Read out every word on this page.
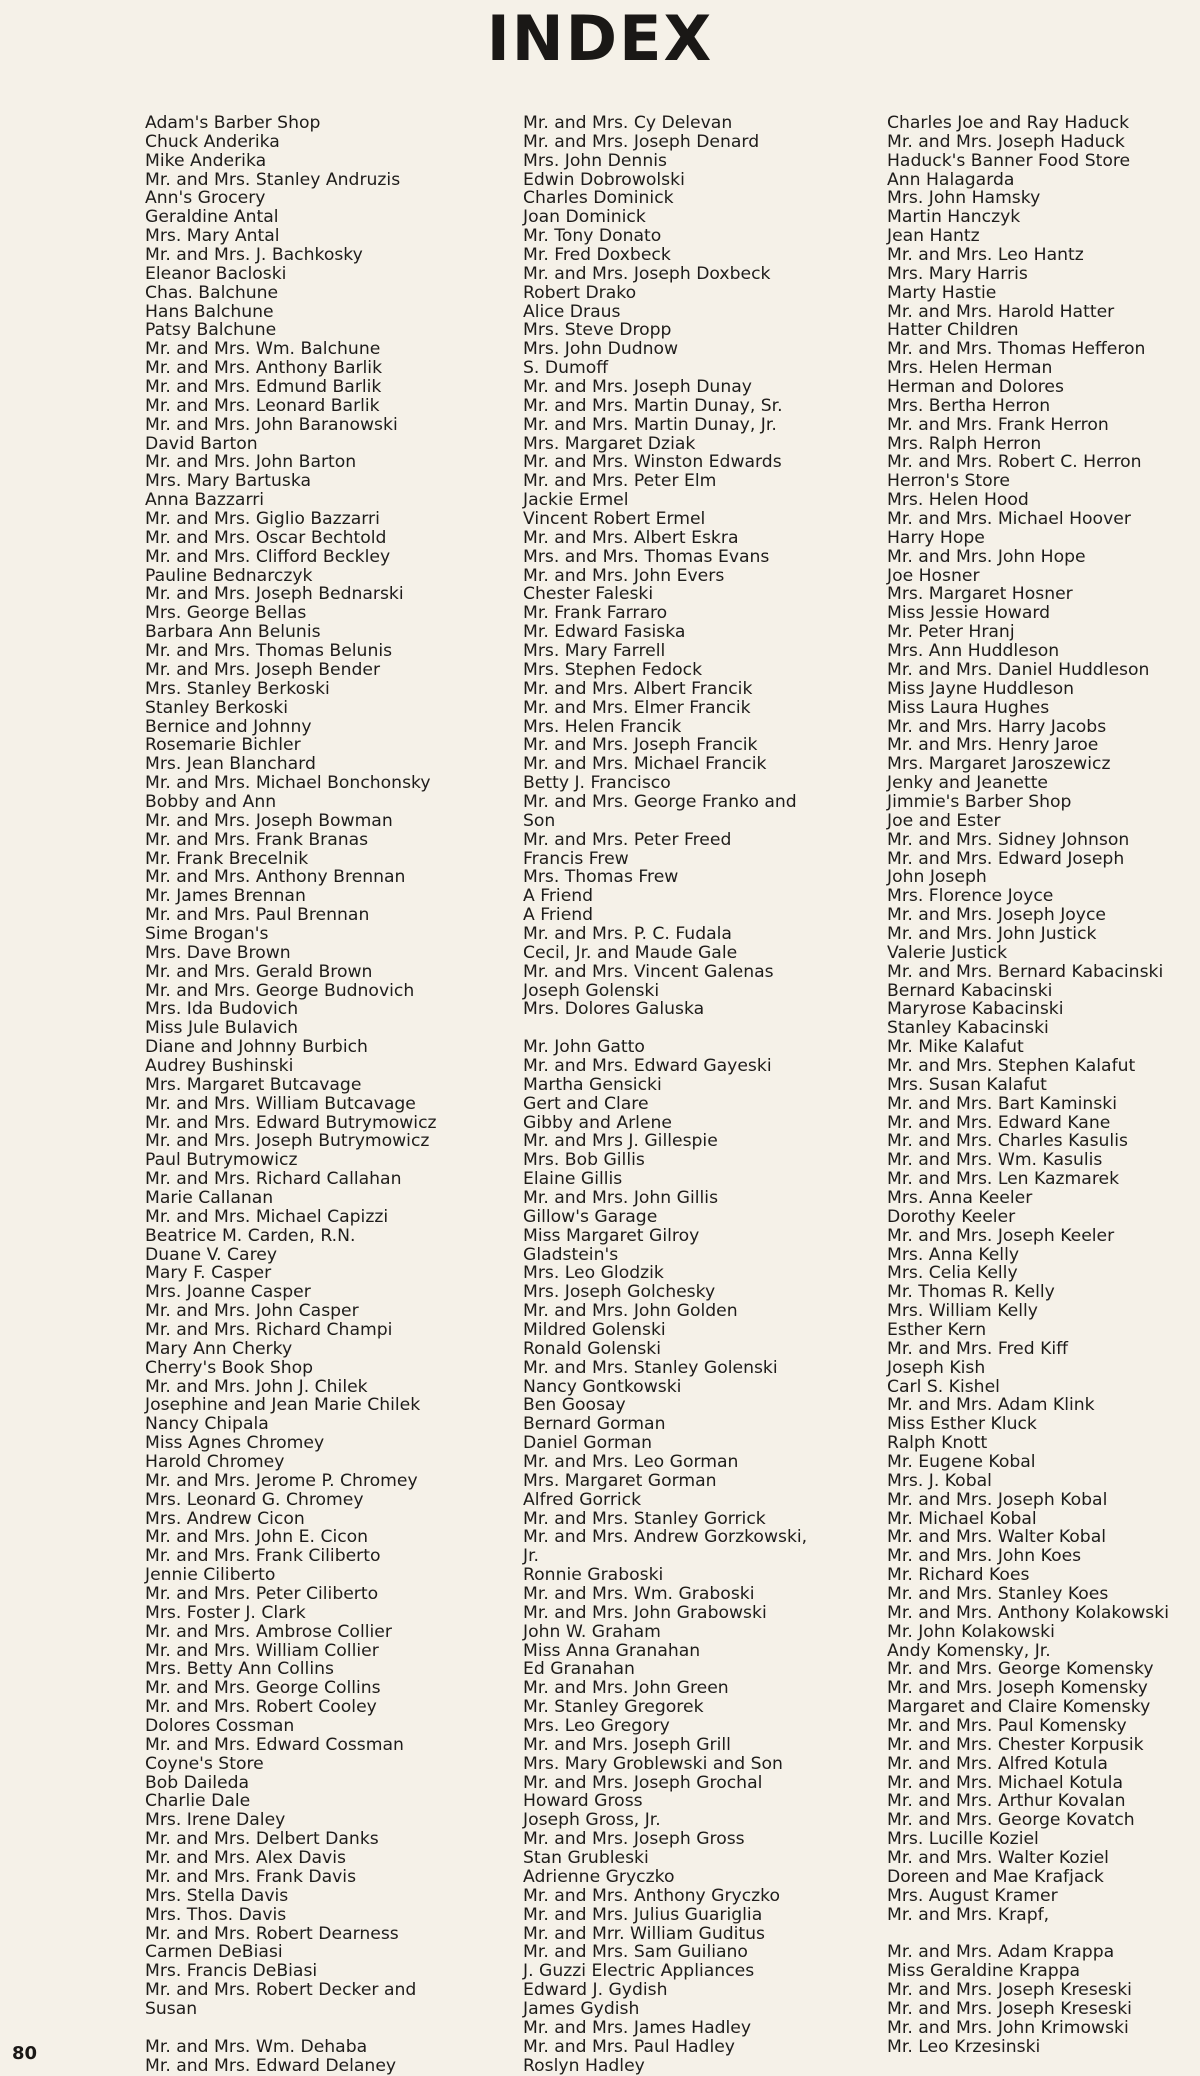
INDEX
Adam's Barber Shop
Chuck Anderika
Mike Anderika
Mr. and Mrs. Stanley Andruzis
Ann's Grocery
Geraldine Antal
Mrs. Mary Antal
Mr. and Mrs. J. Bachkosky
Eleanor Bacloski
Chas. Balchune
Hans Balchune
Patsy Balchune
Mr. and Mrs. Wm. Balchune
Mr. and Mrs. Anthony Barlik
Mr. and Mrs. Edmund Barlik
Mr. and Mrs. Leonard Barlik
Mr. and Mrs. John Baranowski
David Barton
Mr. and Mrs. John Barton
Mrs. Mary Bartuska
Anna Bazzarri
Mr. and Mrs. Giglio Bazzarri
Mr. and Mrs. Oscar Bechtold
Mr. and Mrs. Clifford Beckley
Pauline Bednarczyk
Mr. and Mrs. Joseph Bednarski
Mrs. George Bellas
Barbara Ann Belunis
Mr. and Mrs. Thomas Belunis
Mr. and Mrs. Joseph Bender
Mrs. Stanley Berkoski
Stanley Berkoski
Bernice and Johnny
Rosemarie Bichler
Mrs. Jean Blanchard
Mr. and Mrs. Michael Bonchonsky
Bobby and Ann
Mr. and Mrs. Joseph Bowman
Mr. and Mrs. Frank Branas
Mr. Frank Brecelnik
Mr. and Mrs. Anthony Brennan
Mr. James Brennan
Mr. and Mrs. Paul Brennan
Sime Brogan's
Mrs. Dave Brown
Mr. and Mrs. Gerald Brown
Mr. and Mrs. George Budnovich
Mrs. Ida Budovich
Miss Jule Bulavich
Diane and Johnny Burbich
Audrey Bushinski
Mrs. Margaret Butcavage
Mr. and Mrs. William Butcavage
Mr. and Mrs. Edward Butrymowicz
Mr. and Mrs. Joseph Butrymowicz
Paul Butrymowicz
Mr. and Mrs. Richard Callahan
Marie Callanan
Mr. and Mrs. Michael Capizzi
Beatrice M. Carden, R.N.
Duane V. Carey
Mary F. Casper
Mrs. Joanne Casper
Mr. and Mrs. John Casper
Mr. and Mrs. Richard Champi
Mary Ann Cherky
Cherry's Book Shop
Mr. and Mrs. John J. Chilek
Josephine and Jean Marie Chilek
Nancy Chipala
Miss Agnes Chromey
Harold Chromey
Mr. and Mrs. Jerome P. Chromey
Mrs. Leonard G. Chromey
Mrs. Andrew Cicon
Mr. and Mrs. John E. Cicon
Mr. and Mrs. Frank Ciliberto
Jennie Ciliberto
Mr. and Mrs. Peter Ciliberto
Mrs. Foster J. Clark
Mr. and Mrs. Ambrose Collier
Mr. and Mrs. William Collier
Mrs. Betty Ann Collins
Mr. and Mrs. George Collins
Mr. and Mrs. Robert Cooley
Dolores Cossman
Mr. and Mrs. Edward Cossman
Coyne's Store
Bob Daileda
Charlie Dale
Mrs. Irene Daley
Mr. and Mrs. Delbert Danks
Mr. and Mrs. Alex Davis
Mr. and Mrs. Frank Davis
Mrs. Stella Davis
Mrs. Thos. Davis
Mr. and Mrs. Robert Dearness
Carmen DeBiasi
Mrs. Francis DeBiasi
Mr. and Mrs. Robert Decker and
Susan

Mr. and Mrs. Wm. Dehaba
Mr. and Mrs. Edward Delaney
Mr. and Mrs. Cy Delevan
Mr. and Mrs. Joseph Denard
Mrs. John Dennis
Edwin Dobrowolski
Charles Dominick
Joan Dominick
Mr. Tony Donato
Mr. Fred Doxbeck
Mr. and Mrs. Joseph Doxbeck
Robert Drako
Alice Draus
Mrs. Steve Dropp
Mrs. John Dudnow
S. Dumoff
Mr. and Mrs. Joseph Dunay
Mr. and Mrs. Martin Dunay, Sr.
Mr. and Mrs. Martin Dunay, Jr.
Mrs. Margaret Dziak
Mr. and Mrs. Winston Edwards
Mr. and Mrs. Peter Elm
Jackie Ermel
Vincent Robert Ermel
Mr. and Mrs. Albert Eskra
Mrs. and Mrs. Thomas Evans
Mr. and Mrs. John Evers
Chester Faleski
Mr. Frank Farraro
Mr. Edward Fasiska
Mrs. Mary Farrell
Mrs. Stephen Fedock
Mr. and Mrs. Albert Francik
Mr. and Mrs. Elmer Francik
Mrs. Helen Francik
Mr. and Mrs. Joseph Francik
Mr. and Mrs. Michael Francik
Betty J. Francisco
Mr. and Mrs. George Franko and
Son
Mr. and Mrs. Peter Freed
Francis Frew
Mrs. Thomas Frew
A Friend
A Friend
Mr. and Mrs. P. C. Fudala
Cecil, Jr. and Maude Gale
Mr. and Mrs. Vincent Galenas
Joseph Golenski
Mrs. Dolores Galuska

Mr. John Gatto
Mr. and Mrs. Edward Gayeski
Martha Gensicki
Gert and Clare
Gibby and Arlene
Mr. and Mrs J. Gillespie
Mrs. Bob Gillis
Elaine Gillis
Mr. and Mrs. John Gillis
Gillow's Garage
Miss Margaret Gilroy
Gladstein's
Mrs. Leo Glodzik
Mrs. Joseph Golchesky
Mr. and Mrs. John Golden
Mildred Golenski
Ronald Golenski
Mr. and Mrs. Stanley Golenski
Nancy Gontkowski
Ben Goosay
Bernard Gorman
Daniel Gorman
Mr. and Mrs. Leo Gorman
Mrs. Margaret Gorman
Alfred Gorrick
Mr. and Mrs. Stanley Gorrick
Mr. and Mrs. Andrew Gorzkowski,
Jr.
Ronnie Graboski
Mr. and Mrs. Wm. Graboski
Mr. and Mrs. John Grabowski
John W. Graham
Miss Anna Granahan
Ed Granahan
Mr. and Mrs. John Green
Mr. Stanley Gregorek
Mrs. Leo Gregory
Mr. and Mrs. Joseph Grill
Mrs. Mary Groblewski and Son
Mr. and Mrs. Joseph Grochal
Howard Gross
Joseph Gross, Jr.
Mr. and Mrs. Joseph Gross
Stan Grubleski
Adrienne Gryczko
Mr. and Mrs. Anthony Gryczko
Mr. and Mrs. Julius Guariglia
Mr. and Mrr. William Guditus
Mr. and Mrs. Sam Guiliano
J. Guzzi Electric Appliances
Edward J. Gydish
James Gydish
Mr. and Mrs. James Hadley
Mr. and Mrs. Paul Hadley
Roslyn Hadley
Charles Joe and Ray Haduck
Mr. and Mrs. Joseph Haduck
Haduck's Banner Food Store
Ann Halagarda
Mrs. John Hamsky
Martin Hanczyk
Jean Hantz
Mr. and Mrs. Leo Hantz
Mrs. Mary Harris
Marty Hastie
Mr. and Mrs. Harold Hatter
Hatter Children
Mr. and Mrs. Thomas Hefferon
Mrs. Helen Herman
Herman and Dolores
Mrs. Bertha Herron
Mr. and Mrs. Frank Herron
Mrs. Ralph Herron
Mr. and Mrs. Robert C. Herron
Herron's Store
Mrs. Helen Hood
Mr. and Mrs. Michael Hoover
Harry Hope
Mr. and Mrs. John Hope
Joe Hosner
Mrs. Margaret Hosner
Miss Jessie Howard
Mr. Peter Hranj
Mrs. Ann Huddleson
Mr. and Mrs. Daniel Huddleson
Miss Jayne Huddleson
Miss Laura Hughes
Mr. and Mrs. Harry Jacobs
Mr. and Mrs. Henry Jaroe
Mrs. Margaret Jaroszewicz
Jenky and Jeanette
Jimmie's Barber Shop
Joe and Ester
Mr. and Mrs. Sidney Johnson
Mr. and Mrs. Edward Joseph
John Joseph
Mrs. Florence Joyce
Mr. and Mrs. Joseph Joyce
Mr. and Mrs. John Justick
Valerie Justick
Mr. and Mrs. Bernard Kabacinski
Bernard Kabacinski
Maryrose Kabacinski
Stanley Kabacinski
Mr. Mike Kalafut
Mr. and Mrs. Stephen Kalafut
Mrs. Susan Kalafut
Mr. and Mrs. Bart Kaminski
Mr. and Mrs. Edward Kane
Mr. and Mrs. Charles Kasulis
Mr. and Mrs. Wm. Kasulis
Mr. and Mrs. Len Kazmarek
Mrs. Anna Keeler
Dorothy Keeler
Mr. and Mrs. Joseph Keeler
Mrs. Anna Kelly
Mrs. Celia Kelly
Mr. Thomas R. Kelly
Mrs. William Kelly
Esther Kern
Mr. and Mrs. Fred Kiff
Joseph Kish
Carl S. Kishel
Mr. and Mrs. Adam Klink
Miss Esther Kluck
Ralph Knott
Mr. Eugene Kobal
Mrs. J. Kobal
Mr. and Mrs. Joseph Kobal
Mr. Michael Kobal
Mr. and Mrs. Walter Kobal
Mr. and Mrs. John Koes
Mr. Richard Koes
Mr. and Mrs. Stanley Koes
Mr. and Mrs. Anthony Kolakowski
Mr. John Kolakowski
Andy Komensky, Jr.
Mr. and Mrs. George Komensky
Mr. and Mrs. Joseph Komensky
Margaret and Claire Komensky
Mr. and Mrs. Paul Komensky
Mr. and Mrs. Chester Korpusik
Mr. and Mrs. Alfred Kotula
Mr. and Mrs. Michael Kotula
Mr. and Mrs. Arthur Kovalan
Mr. and Mrs. George Kovatch
Mrs. Lucille Koziel
Mr. and Mrs. Walter Koziel
Doreen and Mae Krafjack
Mrs. August Kramer
Mr. and Mrs. Krapf,

Mr. and Mrs. Adam Krappa
Miss Geraldine Krappa
Mr. and Mrs. Joseph Kreseski
Mr. and Mrs. Joseph Kreseski
Mr. and Mrs. John Krimowski
Mr. Leo Krzesinski
80
